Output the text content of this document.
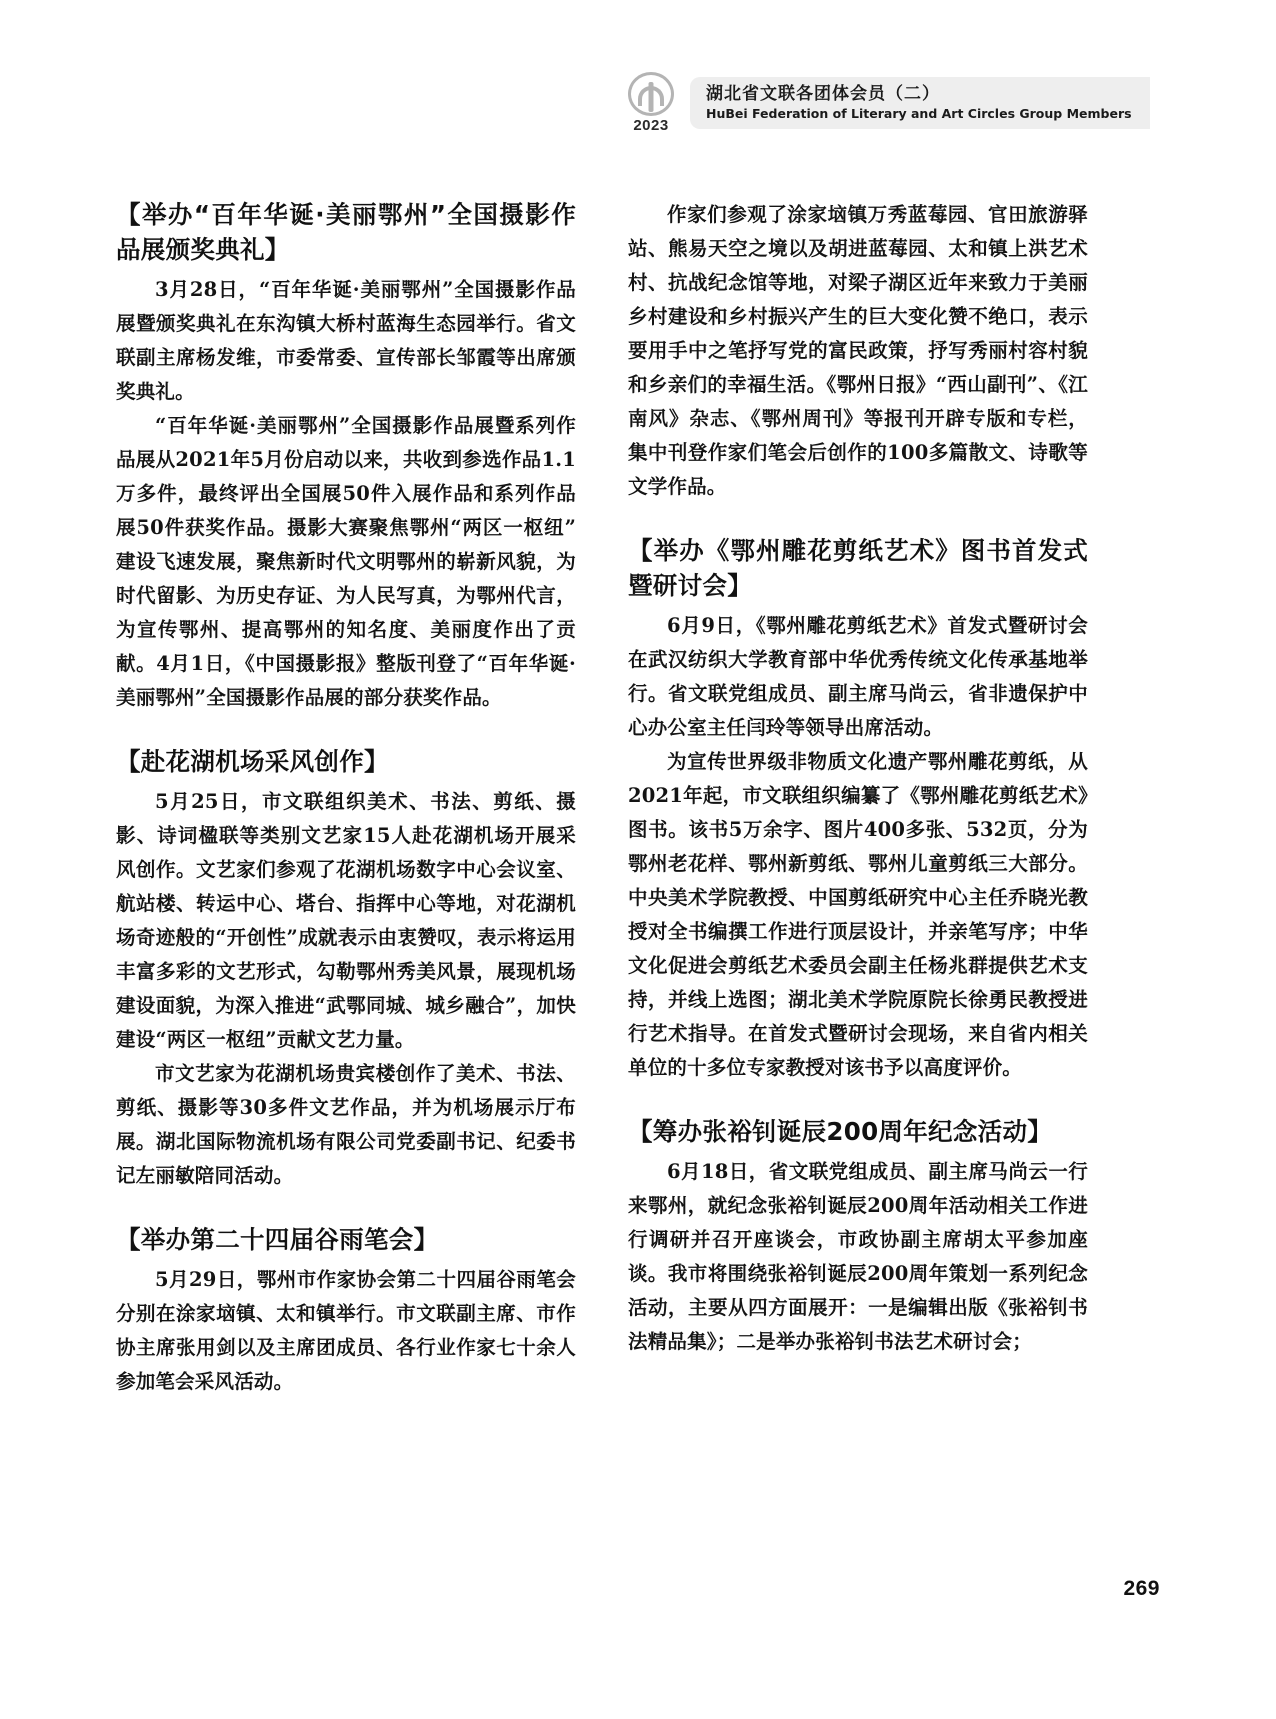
2023
湖北省文联各团体会员（二）
HuBei Federation of Literary and Art Circles Group Members
【举办“百年华诞·美丽鄂州”全国摄影作品展颁奖典礼】

3月28日，“百年华诞·美丽鄂州”全国摄影作品展暨颁奖典礼在东沟镇大桥村蓝海生态园举行。省文联副主席杨发维，市委常委、宣传部长邹霞等出席颁奖典礼。

“百年华诞·美丽鄂州”全国摄影作品展暨系列作品展从2021年5月份启动以来，共收到参选作品1.1万多件，最终评出全国展50件入展作品和系列作品展50件获奖作品。摄影大赛聚焦鄂州“两区一枢纽”建设飞速发展，聚焦新时代文明鄂州的崭新风貌，为时代留影、为历史存证、为人民写真，为鄂州代言，为宣传鄂州、提高鄂州的知名度、美丽度作出了贡献。4月1日，《中国摄影报》整版刊登了“百年华诞·美丽鄂州”全国摄影作品展的部分获奖作品。

【赴花湖机场采风创作】

5月25日，市文联组织美术、书法、剪纸、摄影、诗词楹联等类别文艺家15人赴花湖机场开展采风创作。文艺家们参观了花湖机场数字中心会议室、航站楼、转运中心、塔台、指挥中心等地，对花湖机场奇迹般的“开创性”成就表示由衷赞叹，表示将运用丰富多彩的文艺形式，勾勒鄂州秀美风景，展现机场建设面貌，为深入推进“武鄂同城、城乡融合”，加快建设“两区一枢纽”贡献文艺力量。

市文艺家为花湖机场贵宾楼创作了美术、书法、剪纸、摄影等30多件文艺作品，并为机场展示厅布展。湖北国际物流机场有限公司党委副书记、纪委书记左丽敏陪同活动。

【举办第二十四届谷雨笔会】

5月29日，鄂州市作家协会第二十四届谷雨笔会分别在涂家垴镇、太和镇举行。市文联副主席、市作协主席张用剑以及主席团成员、各行业作家七十余人参加笔会采风活动。

作家们参观了涂家垴镇万秀蓝莓园、官田旅游驿站、熊易天空之境以及胡进蓝莓园、太和镇上洪艺术村、抗战纪念馆等地，对梁子湖区近年来致力于美丽乡村建设和乡村振兴产生的巨大变化赞不绝口，表示要用手中之笔抒写党的富民政策，抒写秀丽村容村貌和乡亲们的幸福生活。《鄂州日报》“西山副刊”、《江南风》杂志、《鄂州周刊》等报刊开辟专版和专栏，集中刊登作家们笔会后创作的100多篇散文、诗歌等文学作品。

【举办《鄂州雕花剪纸艺术》图书首发式暨研讨会】

6月9日，《鄂州雕花剪纸艺术》首发式暨研讨会在武汉纺织大学教育部中华优秀传统文化传承基地举行。省文联党组成员、副主席马尚云，省非遗保护中心办公室主任闫玲等领导出席活动。

为宣传世界级非物质文化遗产鄂州雕花剪纸，从2021年起，市文联组织编纂了《鄂州雕花剪纸艺术》图书。该书5万余字、图片400多张、532页，分为鄂州老花样、鄂州新剪纸、鄂州儿童剪纸三大部分。中央美术学院教授、中国剪纸研究中心主任乔晓光教授对全书编撰工作进行顶层设计，并亲笔写序；中华文化促进会剪纸艺术委员会副主任杨兆群提供艺术支持，并线上选图；湖北美术学院原院长徐勇民教授进行艺术指导。在首发式暨研讨会现场，来自省内相关单位的十多位专家教授对该书予以高度评价。

【筹办张裕钊诞辰200周年纪念活动】

6月18日，省文联党组成员、副主席马尚云一行来鄂州，就纪念张裕钊诞辰200周年活动相关工作进行调研并召开座谈会，市政协副主席胡太平参加座谈。我市将围绕张裕钊诞辰200周年策划一系列纪念活动，主要从四方面展开：一是编辑出版《张裕钊书法精品集》；二是举办张裕钊书法艺术研讨会；

269
